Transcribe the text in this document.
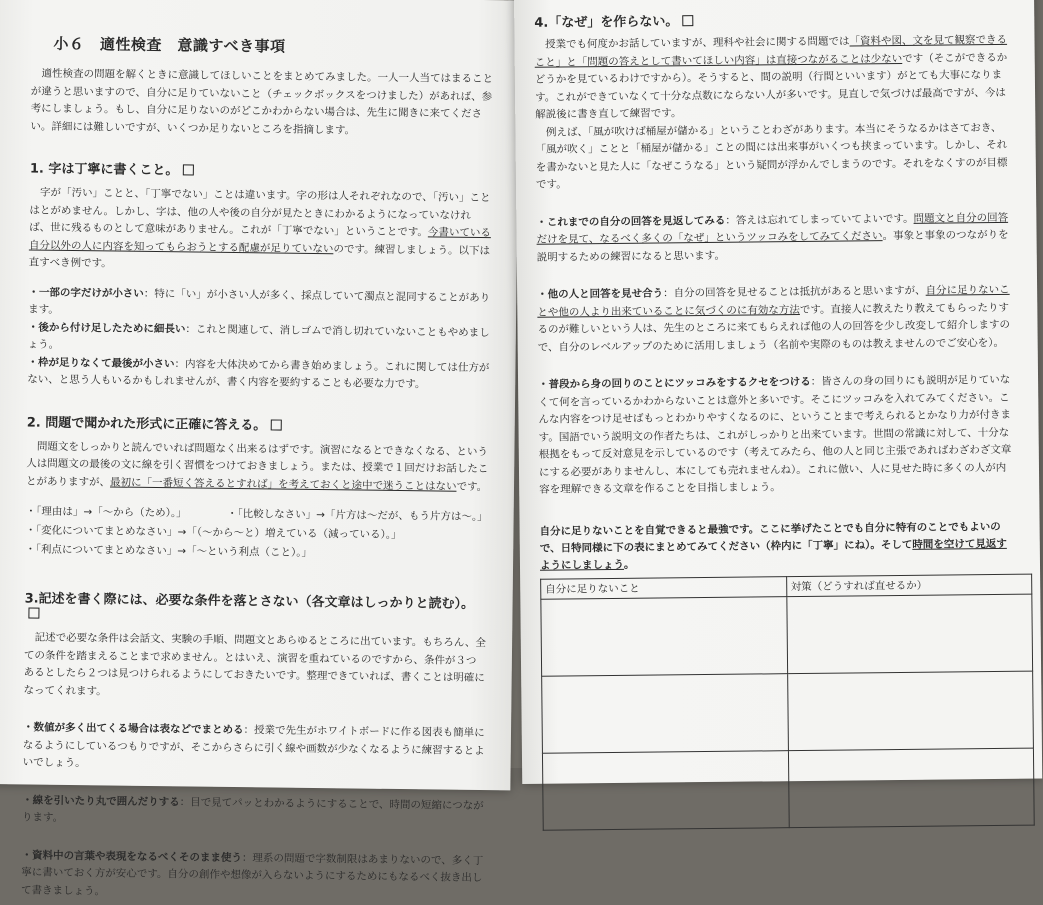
小６　適性検査　意識すべき事項

適性検査の問題を解くときに意識してほしいことをまとめてみました。一人一人当てはまることが違うと思いますので、自分に足りていないこと（チェックボックスをつけました）があれば、参考にしましょう。もし、自分に足りないのがどこかわからない場合は、先生に聞きに来てください。詳細には難しいですが、いくつか足りないところを指摘します。

1. 字は丁寧に書くこと。

字が「汚い」ことと、「丁寧でない」ことは違います。字の形は人それぞれなので、「汚い」ことはとがめません。しかし、字は、他の人や後の自分が見たときにわかるようになっていなければ、世に残るものとして意味がありません。これが「丁寧でない」ということです。今書いている自分以外の人に内容を知ってもらおうとする配慮が足りていないのです。練習しましょう。以下は直すべき例です。

・一部の字だけが小さい：特に「い」が小さい人が多く、採点していて濁点と混同することがあります。

・後から付け足したために細長い：これと関連して、消しゴムで消し切れていないこともやめましょう。

・枠が足りなくて最後が小さい：内容を大体決めてから書き始めましょう。これに関しては仕方がない、と思う人もいるかもしれませんが、書く内容を要約することも必要な力です。

2. 問題で聞かれた形式に正確に答える。

問題文をしっかりと読んでいれば問題なく出来るはずです。演習になるとできなくなる、という人は問題文の最後の文に線を引く習慣をつけておきましょう。または、授業で１回だけお話したことがありますが、最初に「一番短く答えるとすれば」を考えておくと途中で迷うことはないです。

・「理由は」→「〜から（ため）。」	・「比較しなさい」→「片方は〜だが、もう片方は〜。」
・「変化についてまとめなさい」→「（〜から〜と）増えている（減っている）。」
・「利点についてまとめなさい」→「〜という利点（こと）。」
3.記述を書く際には、必要な条件を落とさない（各文章はしっかりと読む）。

記述で必要な条件は会話文、実験の手順、問題文とあらゆるところに出ています。もちろん、全ての条件を踏まえることまで求めません。とはいえ、演習を重ねているのですから、条件が３つあるとしたら２つは見つけられるようにしておきたいです。整理できていれば、書くことは明確になってくれます。

・数値が多く出てくる場合は表などでまとめる：授業で先生がホワイトボードに作る図表も簡単になるようにしているつもりですが、そこからさらに引く線や画数が少なくなるように練習するとよいでしょう。

・線を引いたり丸で囲んだりする：目で見てパッとわかるようにすることで、時間の短縮につながります。

・資料中の言葉や表現をなるべくそのまま使う：理系の問題で字数制限はあまりないので、多く丁寧に書いておく方が安心です。自分の創作や想像が入らないようにするためにもなるべく抜き出して書きましょう。

4.「なぜ」を作らない。

授業でも何度かお話していますが、理科や社会に関する問題では「資料や図、文を見て観察できること」と「問題の答えとして書いてほしい内容」は直接つながることは少ないです（そこができるかどうかを見ているわけですから）。そうすると、間の説明（行間といいます）がとても大事になります。これができていなくて十分な点数にならない人が多いです。見直しで気づけば最高ですが、今は解説後に書き直して練習です。

例えば、「風が吹けば桶屋が儲かる」ということわざがあります。本当にそうなるかはさておき、「風が吹く」ことと「桶屋が儲かる」ことの間には出来事がいくつも挟まっています。しかし、それを書かないと見た人に「なぜこうなる」という疑問が浮かんでしまうのです。それをなくすのが目標です。

・これまでの自分の回答を見返してみる：答えは忘れてしまっていてよいです。問題文と自分の回答だけを見て、なるべく多くの「なぜ」というツッコみをしてみてください。事象と事象のつながりを説明するための練習になると思います。

・他の人と回答を見せ合う：自分の回答を見せることは抵抗があると思いますが、自分に足りないことや他の人より出来ていることに気づくのに有効な方法です。直接人に教えたり教えてもらったりするのが難しいという人は、先生のところに来てもらえれば他の人の回答を少し改変して紹介しますので、自分のレベルアップのために活用しましょう（名前や実際のものは教えませんのでご安心を）。

・普段から身の回りのことにツッコみをするクセをつける：皆さんの身の回りにも説明が足りていなくて何を言っているかわからないことは意外と多いです。そこにツッコみを入れてみてください。こんな内容をつけ足せばもっとわかりやすくなるのに、ということまで考えられるとかなり力が付きます。国語でいう説明文の作者たちは、これがしっかりと出来ています。世間の常識に対して、十分な根拠をもって反対意見を示しているのです（考えてみたら、他の人と同じ主張であればわざわざ文章にする必要がありませんし、本にしても売れませんね）。これに倣い、人に見せた時に多くの人が内容を理解できる文章を作ることを目指しましょう。

自分に足りないことを自覚できると最強です。ここに挙げたことでも自分に特有のことでもよいので、日特同様に下の表にまとめてみてください（枠内に「丁寧」にね）。そして時間を空けて見返すようにしましょう。

自分に足りないこと	対策（どうすれば直せるか）
